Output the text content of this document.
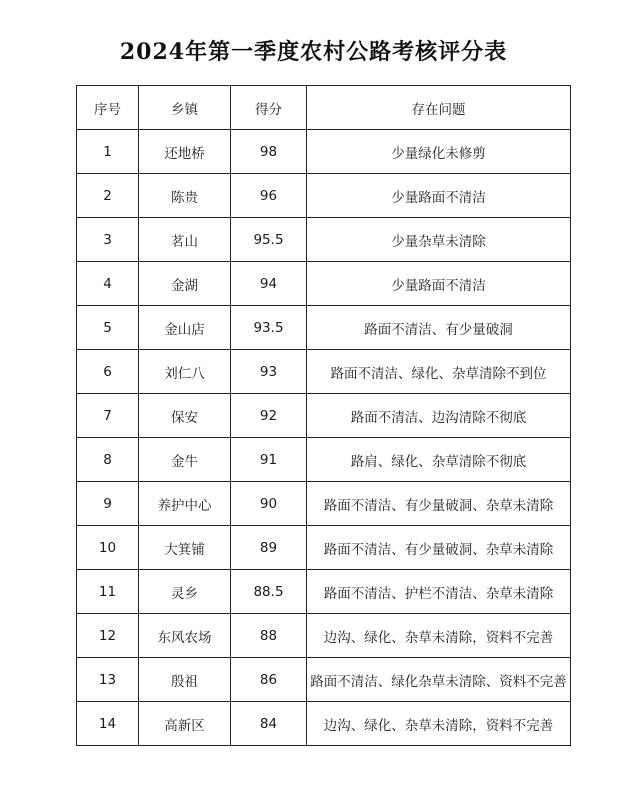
2024年第一季度农村公路考核评分表
序号	乡镇	得分	存在问题
1	还地桥	98	少量绿化未修剪
2	陈贵	96	少量路面不清洁
3	茗山	95.5	少量杂草未清除
4	金湖	94	少量路面不清洁
5	金山店	93.5	路面不清洁、有少量破洞
6	刘仁八	93	路面不清洁、绿化、杂草清除不到位
7	保安	92	路面不清洁、边沟清除不彻底
8	金牛	91	路肩、绿化、杂草清除不彻底
9	养护中心	90	路面不清洁、有少量破洞、杂草未清除
10	大箕铺	89	路面不清洁、有少量破洞、杂草未清除
11	灵乡	88.5	路面不清洁、护栏不清洁、杂草未清除
12	东风农场	88	边沟、绿化、杂草未清除，资料不完善
13	殷祖	86	路面不清洁、绿化杂草未清除、资料不完善
14	高新区	84	边沟、绿化、杂草未清除，资料不完善
